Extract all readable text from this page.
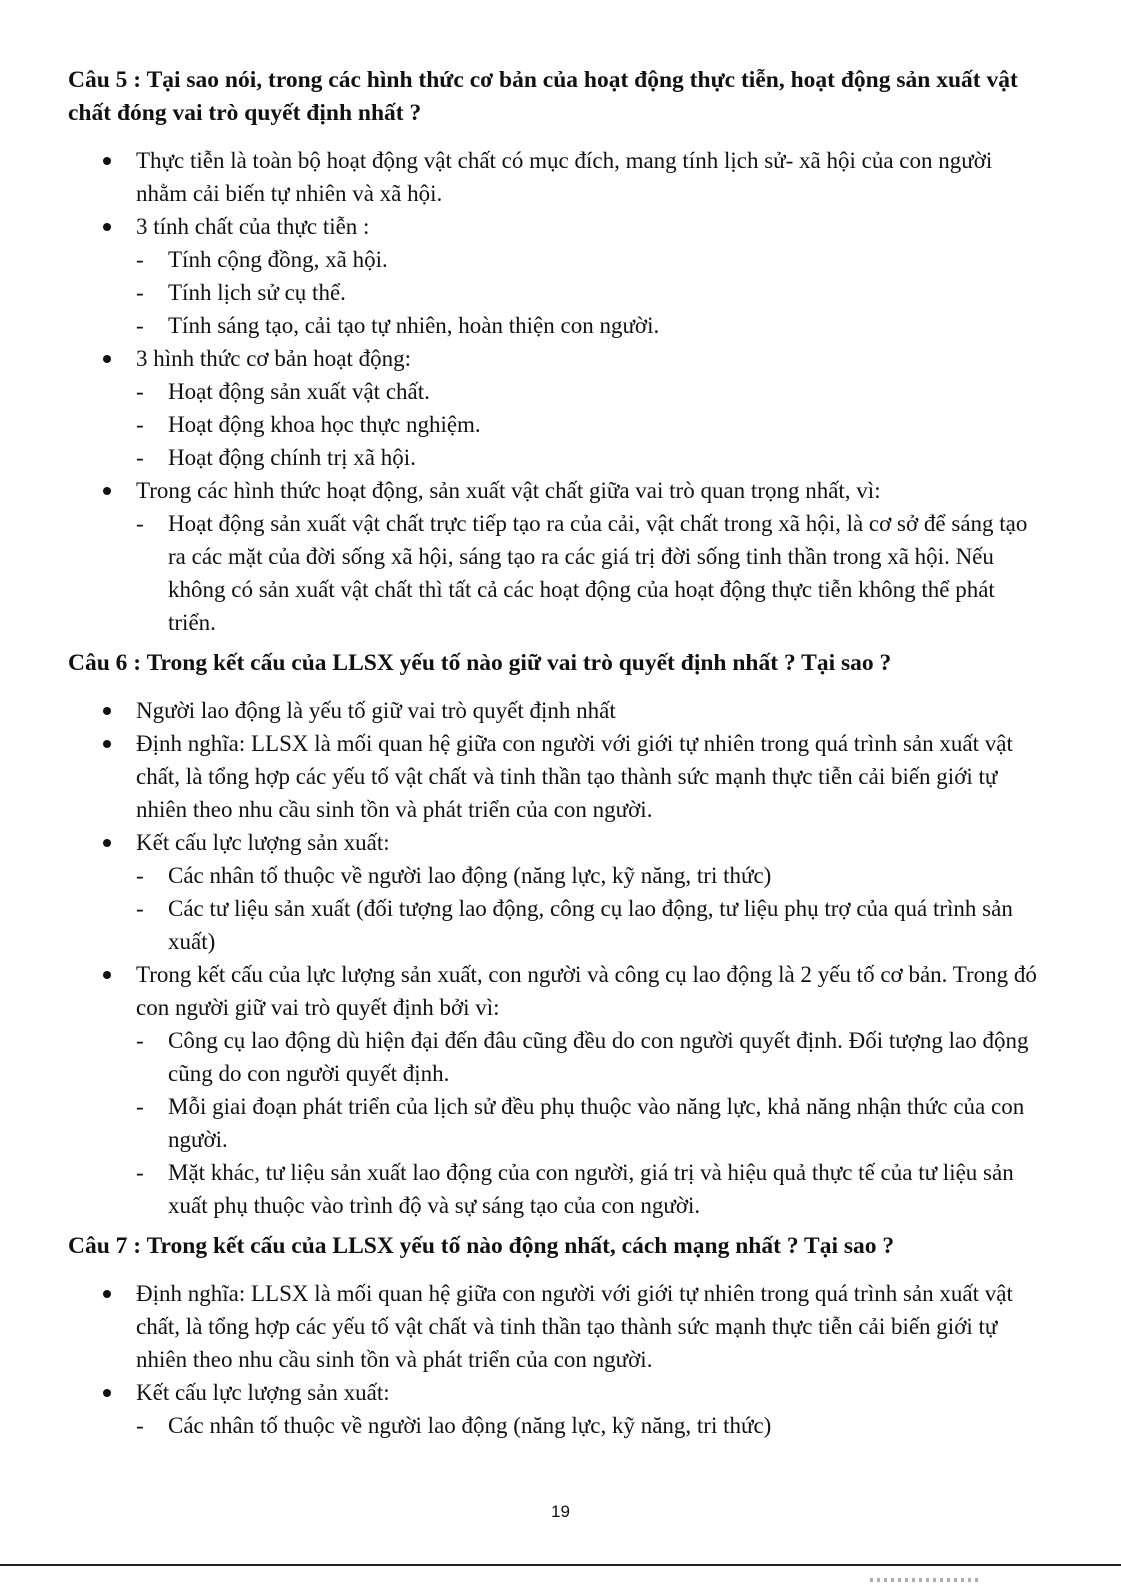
Câu 5 : Tại sao nói, trong các hình thức cơ bản của hoạt động thực tiễn, hoạt động sản xuất vật chất đóng vai trò quyết định nhất ?

Thực tiễn là toàn bộ hoạt động vật chất có mục đích, mang tính lịch sử- xã hội của con người nhằm cải biến tự nhiên và xã hội.
3 tính chất của thực tiễn :
- Tính cộng đồng, xã hội.
- Tính lịch sử cụ thể.
- Tính sáng tạo, cải tạo tự nhiên, hoàn thiện con người.
3 hình thức cơ bản hoạt động:
- Hoạt động sản xuất vật chất.
- Hoạt động khoa học thực nghiệm.
- Hoạt động chính trị xã hội.
Trong các hình thức hoạt động, sản xuất vật chất giữa vai trò quan trọng nhất, vì:
- Hoạt động sản xuất vật chất trực tiếp tạo ra của cải, vật chất trong xã hội, là cơ sở để sáng tạo ra các mặt của đời sống xã hội, sáng tạo ra các giá trị đời sống tinh thần trong xã hội. Nếu không có sản xuất vật chất thì tất cả các hoạt động của hoạt động thực tiễn không thể phát triển.

Câu 6 : Trong kết cấu của LLSX yếu tố nào giữ vai trò quyết định nhất ? Tại sao ?

Người lao động là yếu tố giữ vai trò quyết định nhất
Định nghĩa: LLSX là mối quan hệ giữa con người với giới tự nhiên trong quá trình sản xuất vật chất, là tổng hợp các yếu tố vật chất và tinh thần tạo thành sức mạnh thực tiễn cải biến giới tự nhiên theo nhu cầu sinh tồn và phát triển của con người.
Kết cấu lực lượng sản xuất:
- Các nhân tố thuộc về người lao động (năng lực, kỹ năng, tri thức)
- Các tư liệu sản xuất (đối tượng lao động, công cụ lao động, tư liệu phụ trợ của quá trình sản xuất)
Trong kết cấu của lực lượng sản xuất, con người và công cụ lao động là 2 yếu tố cơ bản. Trong đó con người giữ vai trò quyết định bởi vì:
- Công cụ lao động dù hiện đại đến đâu cũng đều do con người quyết định. Đối tượng lao động cũng do con người quyết định.
- Mỗi giai đoạn phát triển của lịch sử đều phụ thuộc vào năng lực, khả năng nhận thức của con người.
- Mặt khác, tư liệu sản xuất lao động của con người, giá trị và hiệu quả thực tế của tư liệu sản xuất phụ thuộc vào trình độ và sự sáng tạo của con người.

Câu 7 : Trong kết cấu của LLSX yếu tố nào động nhất, cách mạng nhất ? Tại sao ?

Định nghĩa: LLSX là mối quan hệ giữa con người với giới tự nhiên trong quá trình sản xuất vật chất, là tổng hợp các yếu tố vật chất và tinh thần tạo thành sức mạnh thực tiễn cải biến giới tự nhiên theo nhu cầu sinh tồn và phát triển của con người.
Kết cấu lực lượng sản xuất:
- Các nhân tố thuộc về người lao động (năng lực, kỹ năng, tri thức)
19
